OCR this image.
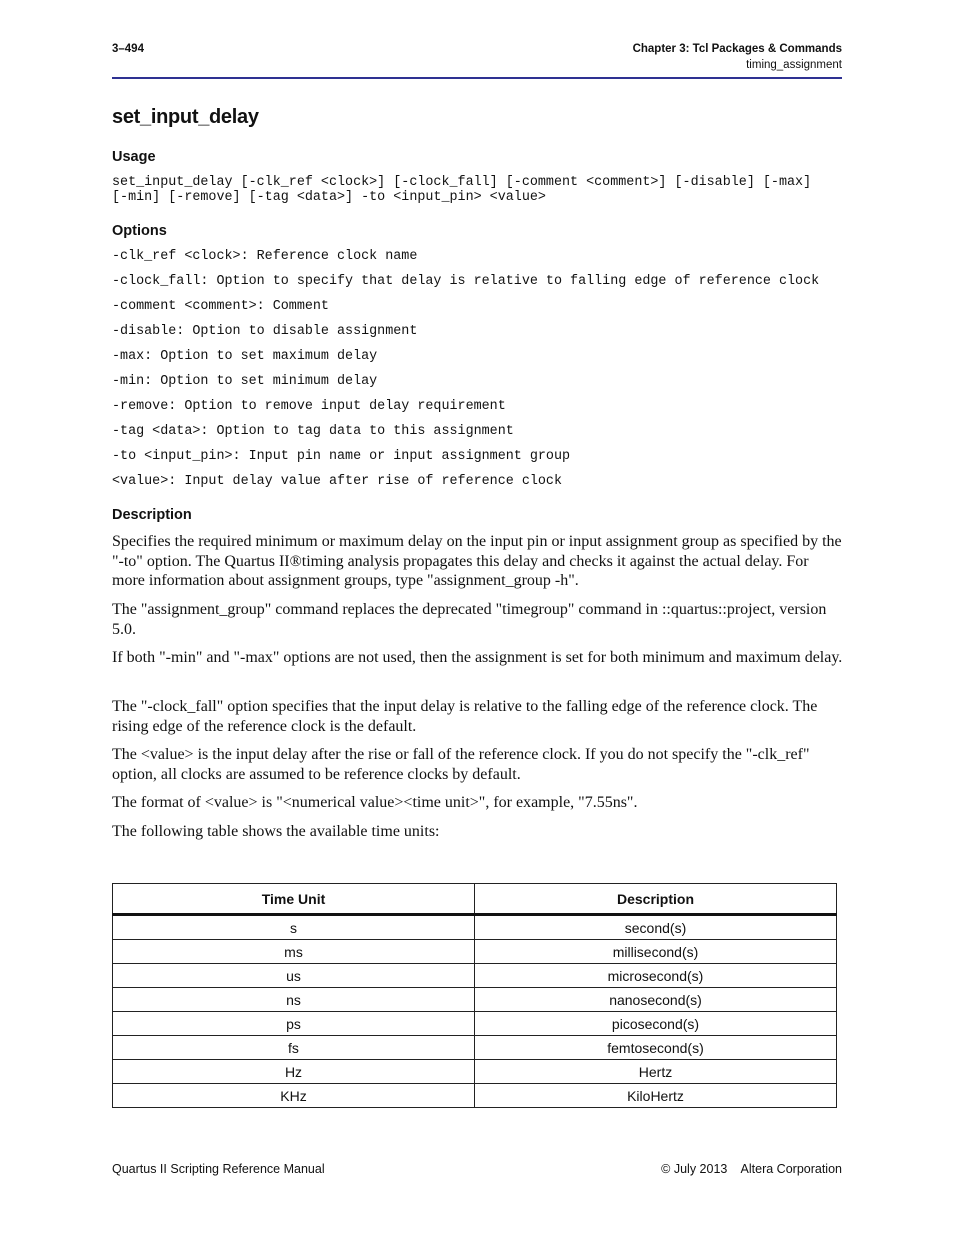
3–494	Chapter 3: Tcl Packages & Commands
timing_assignment
set_input_delay
Usage
set_input_delay [-clk_ref <clock>] [-clock_fall] [-comment <comment>] [-disable] [-max]
[-min] [-remove] [-tag <data>] -to <input_pin> <value>
Options
-clk_ref <clock>: Reference clock name
-clock_fall: Option to specify that delay is relative to falling edge of reference clock
-comment <comment>: Comment
-disable: Option to disable assignment
-max: Option to set maximum delay
-min: Option to set minimum delay
-remove: Option to remove input delay requirement
-tag <data>: Option to tag data to this assignment
-to <input_pin>: Input pin name or input assignment group
<value>: Input delay value after rise of reference clock
Description
Specifies the required minimum or maximum delay on the input pin or input assignment group as specified by the "-to" option. The Quartus II®timing analysis propagates this delay and checks it against the actual delay. For more information about assignment groups, type "assignment_group -h".
The "assignment_group" command replaces the deprecated "timegroup" command in ::quartus::project, version 5.0.
If both "-min" and "-max" options are not used, then the assignment is set for both minimum and maximum delay.
The "-clock_fall" option specifies that the input delay is relative to the falling edge of the reference clock. The rising edge of the reference clock is the default.
The <value> is the input delay after the rise or fall of the reference clock. If you do not specify the "-clk_ref" option, all clocks are assumed to be reference clocks by default.
The format of <value> is "<numerical value><time unit>", for example, "7.55ns".
The following table shows the available time units:
Time Unit	Description
s	second(s)
ms	millisecond(s)
us	microsecond(s)
ns	nanosecond(s)
ps	picosecond(s)
fs	femtosecond(s)
Hz	Hertz
KHz	KiloHertz
Quartus II Scripting Reference Manual	© July 2013    Altera Corporation
